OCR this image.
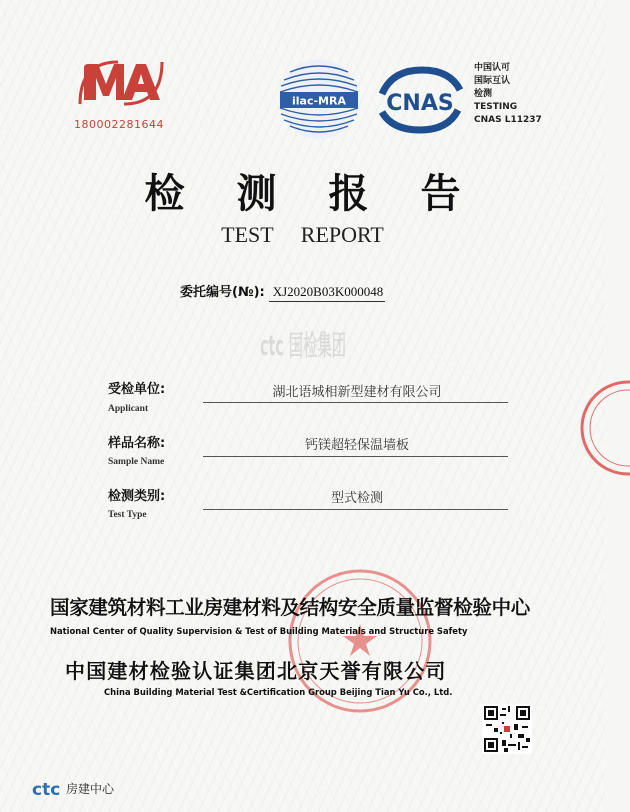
180002281644
ilac-MRA CNAS
中国认可
国际互认
检测
TESTING
CNAS L11237
检测报告
TEST REPORT
委托编号(№): XJ2020B03K000048
ctc 国检集团
受检单位:
Applicant
湖北语城相新型建材有限公司
样品名称:
Sample Name
钙镁超轻保温墙板
检测类别:
Test Type
型式检测
国家建筑材料工业房建材料及结构安全质量监督检验中心
National Center of Quality Supervision & Test of Building Materials and Structure Safety
中国建材检验认证集团北京天誉有限公司
China Building Material Test &Certification Group Beijing Tian Yu Co., Ltd.
ctc 房建中心
